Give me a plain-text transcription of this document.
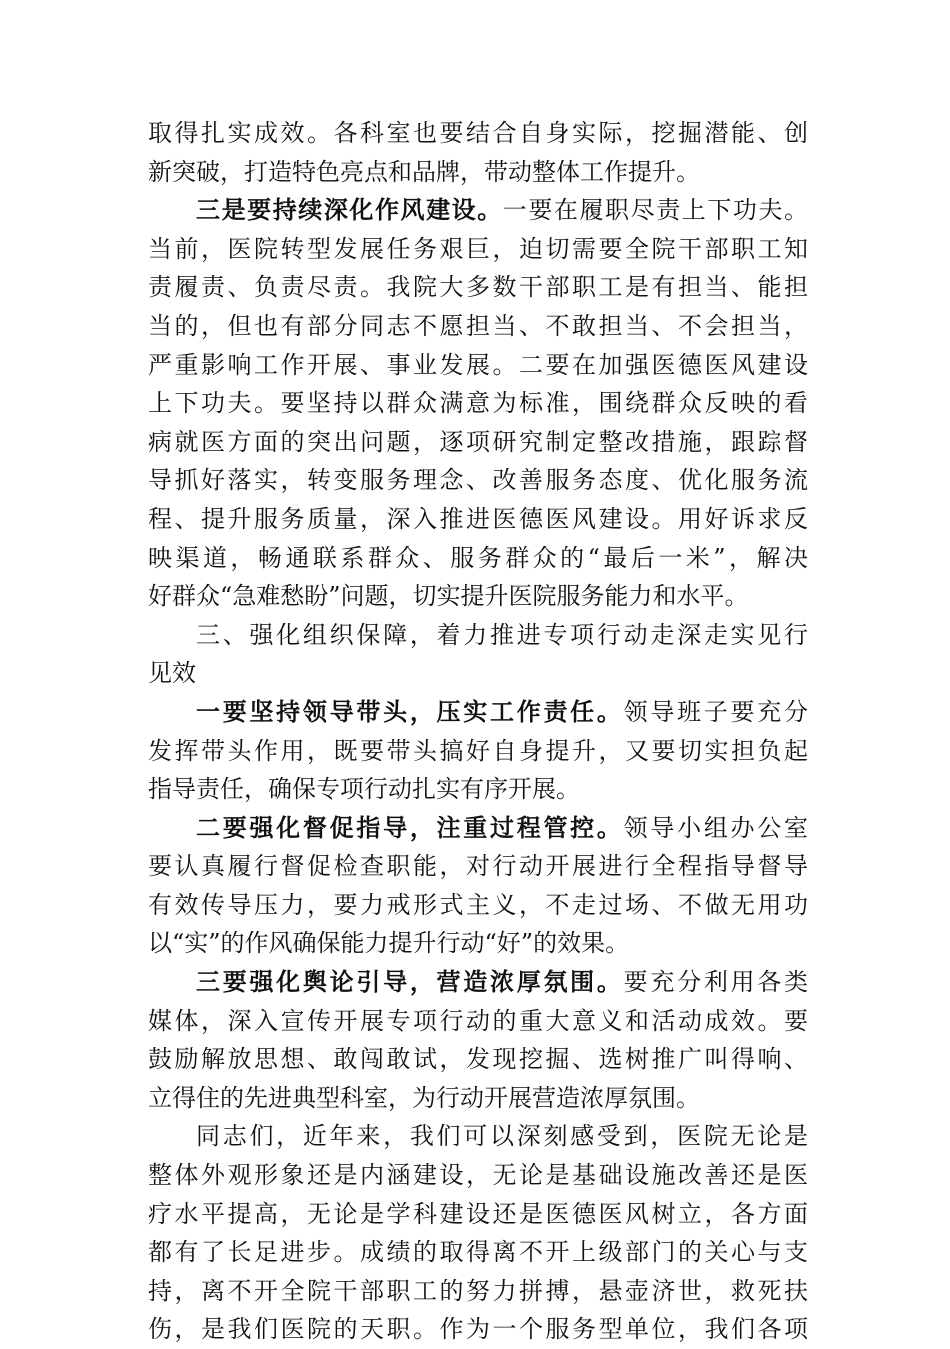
取得扎实成效。各科室也要结合自身实际，挖掘潜能、创
新突破，打造特色亮点和品牌，带动整体工作提升。
三是要持续深化作风建设。一要在履职尽责上下功夫。
当前，医院转型发展任务艰巨，迫切需要全院干部职工知
责履责、负责尽责。我院大多数干部职工是有担当、能担
当的，但也有部分同志不愿担当、不敢担当、不会担当，
严重影响工作开展、事业发展。二要在加强医德医风建设
上下功夫。要坚持以群众满意为标准，围绕群众反映的看
病就医方面的突出问题，逐项研究制定整改措施，跟踪督
导抓好落实，转变服务理念、改善服务态度、优化服务流
程、提升服务质量，深入推进医德医风建设。用好诉求反
映渠道，畅通联系群众、服务群众的“最后一米”，解决
好群众“急难愁盼”问题，切实提升医院服务能力和水平。
三、强化组织保障，着力推进专项行动走深走实见行
见效
一要坚持领导带头，压实工作责任。领导班子要充分
发挥带头作用，既要带头搞好自身提升，又要切实担负起
指导责任，确保专项行动扎实有序开展。
二要强化督促指导，注重过程管控。领导小组办公室
要认真履行督促检查职能，对行动开展进行全程指导督导
有效传导压力，要力戒形式主义，不走过场、不做无用功
以“实”的作风确保能力提升行动“好”的效果。
三要强化舆论引导，营造浓厚氛围。要充分利用各类
媒体，深入宣传开展专项行动的重大意义和活动成效。要
鼓励解放思想、敢闯敢试，发现挖掘、选树推广叫得响、
立得住的先进典型科室，为行动开展营造浓厚氛围。
同志们，近年来，我们可以深刻感受到，医院无论是
整体外观形象还是内涵建设，无论是基础设施改善还是医
疗水平提高，无论是学科建设还是医德医风树立，各方面
都有了长足进步。成绩的取得离不开上级部门的关心与支
持，离不开全院干部职工的努力拼搏，悬壶济世，救死扶
伤，是我们医院的天职。作为一个服务型单位，我们各项
